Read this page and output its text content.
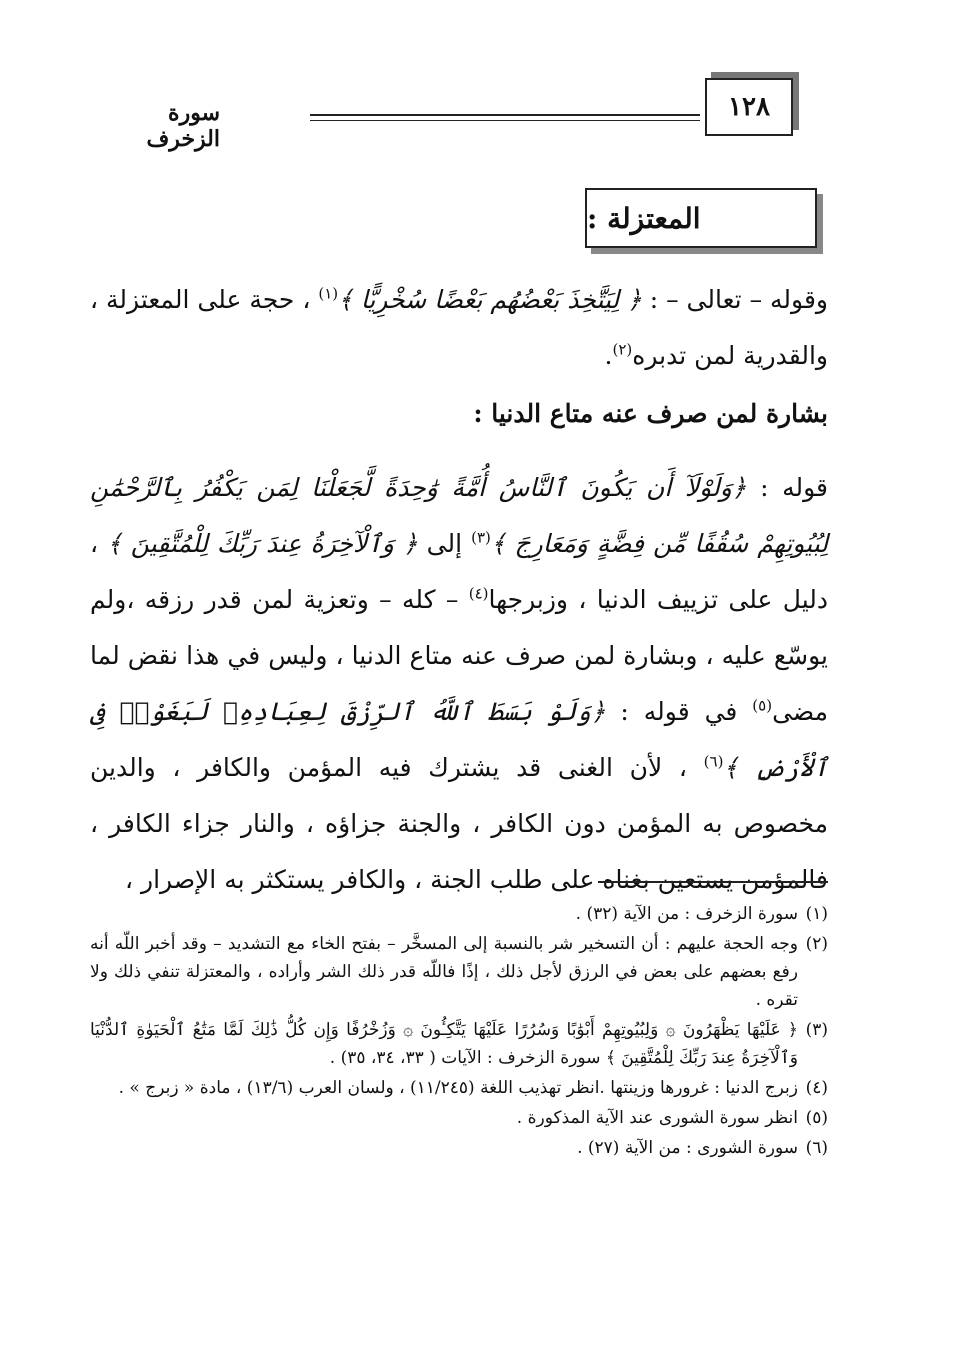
سورة الزخرف
١٢٨
المعتزلة :
وقوله – تعالى – : ﴿ لِيَتَّخِذَ بَعْضُهُم بَعْضًا سُخْرِيًّا ﴾$^{(١)}$ ، حجة على المعتزلة ، والقدرية لمن تدبره$^{(٢)}$.
بشارة لمن صرف عنه متاع الدنيا :
قوله : ﴿وَلَوْلَآ أَن يَكُونَ ٱلنَّاسُ أُمَّةً وَٰحِدَةً لَّجَعَلْنَا لِمَن يَكْفُرُ بِٱلرَّحْمَٰنِ لِبُيُوتِهِمْ سُقُفًا مِّن فِضَّةٍ وَمَعَارِجَ ﴾$^{(٣)}$ إلى ﴿ وَٱلْآخِرَةُ عِندَ رَبِّكَ لِلْمُتَّقِينَ ﴾ ، دليل على تزييف الدنيا ، وزبرجها$^{(٤)}$ – كله – وتعزية لمن قدر رزقه ،ولم يوسّع عليه ، وبشارة لمن صرف عنه متاع الدنيا ، وليس في هذا نقض لما مضى$^{(٥)}$ في قوله : ﴿وَلَوْ بَسَطَ ٱللَّهُ ٱلرِّزْقَ لِعِبَادِهِۦ لَبَغَوْا۟ فِى ٱلْأَرْضِ ﴾$^{(٦)}$ ، لأن الغنى قد يشترك فيه المؤمن والكافر ، والدين مخصوص به المؤمن دون الكافر ، والجنة جزاؤه ، والنار جزاء الكافر ، فالمؤمن يستعين بغناه على طلب الجنة ، والكافر يستكثر به الإصرار ،
(١)
سورة الزخرف : من الآية (٣٢) .
(٢)
وجه الحجة عليهم : أن التسخير شر بالنسبة إلى المسخَّر – بفتح الخاء مع التشديد – وقد أخبر اللّه أنه رفع بعضهم على بعض في الرزق لأجل ذلك ، إذًا فاللّه قدر ذلك الشر وأراده ، والمعتزلة تنفي ذلك ولا تقره .
(٣)
﴿ عَلَيْهَا يَظْهَرُونَ ۞ وَلِبُيُوتِهِمْ أَبْوَٰبًا وَسُرُرًا عَلَيْهَا يَتَّكِـُٔونَ ۞ وَزُخْرُفًا وَإِن كُلُّ ذَٰلِكَ لَمَّا مَتَٰعُ ٱلْحَيَوٰةِ ٱلدُّنْيَا وَٱلْآخِرَةُ عِندَ رَبِّكَ لِلْمُتَّقِينَ ﴾ سورة الزخرف : الآيات ( ٣٣، ٣٤، ٣٥) .
(٤)
زبرج الدنيا : غرورها وزينتها .انظر تهذيب اللغة (١١/٢٤٥) ، ولسان العرب (١٣/٦) ، مادة « زبرج » .
(٥)
انظر سورة الشورى عند الآية المذكورة .
(٦)
سورة الشورى : من الآية (٢٧) .
